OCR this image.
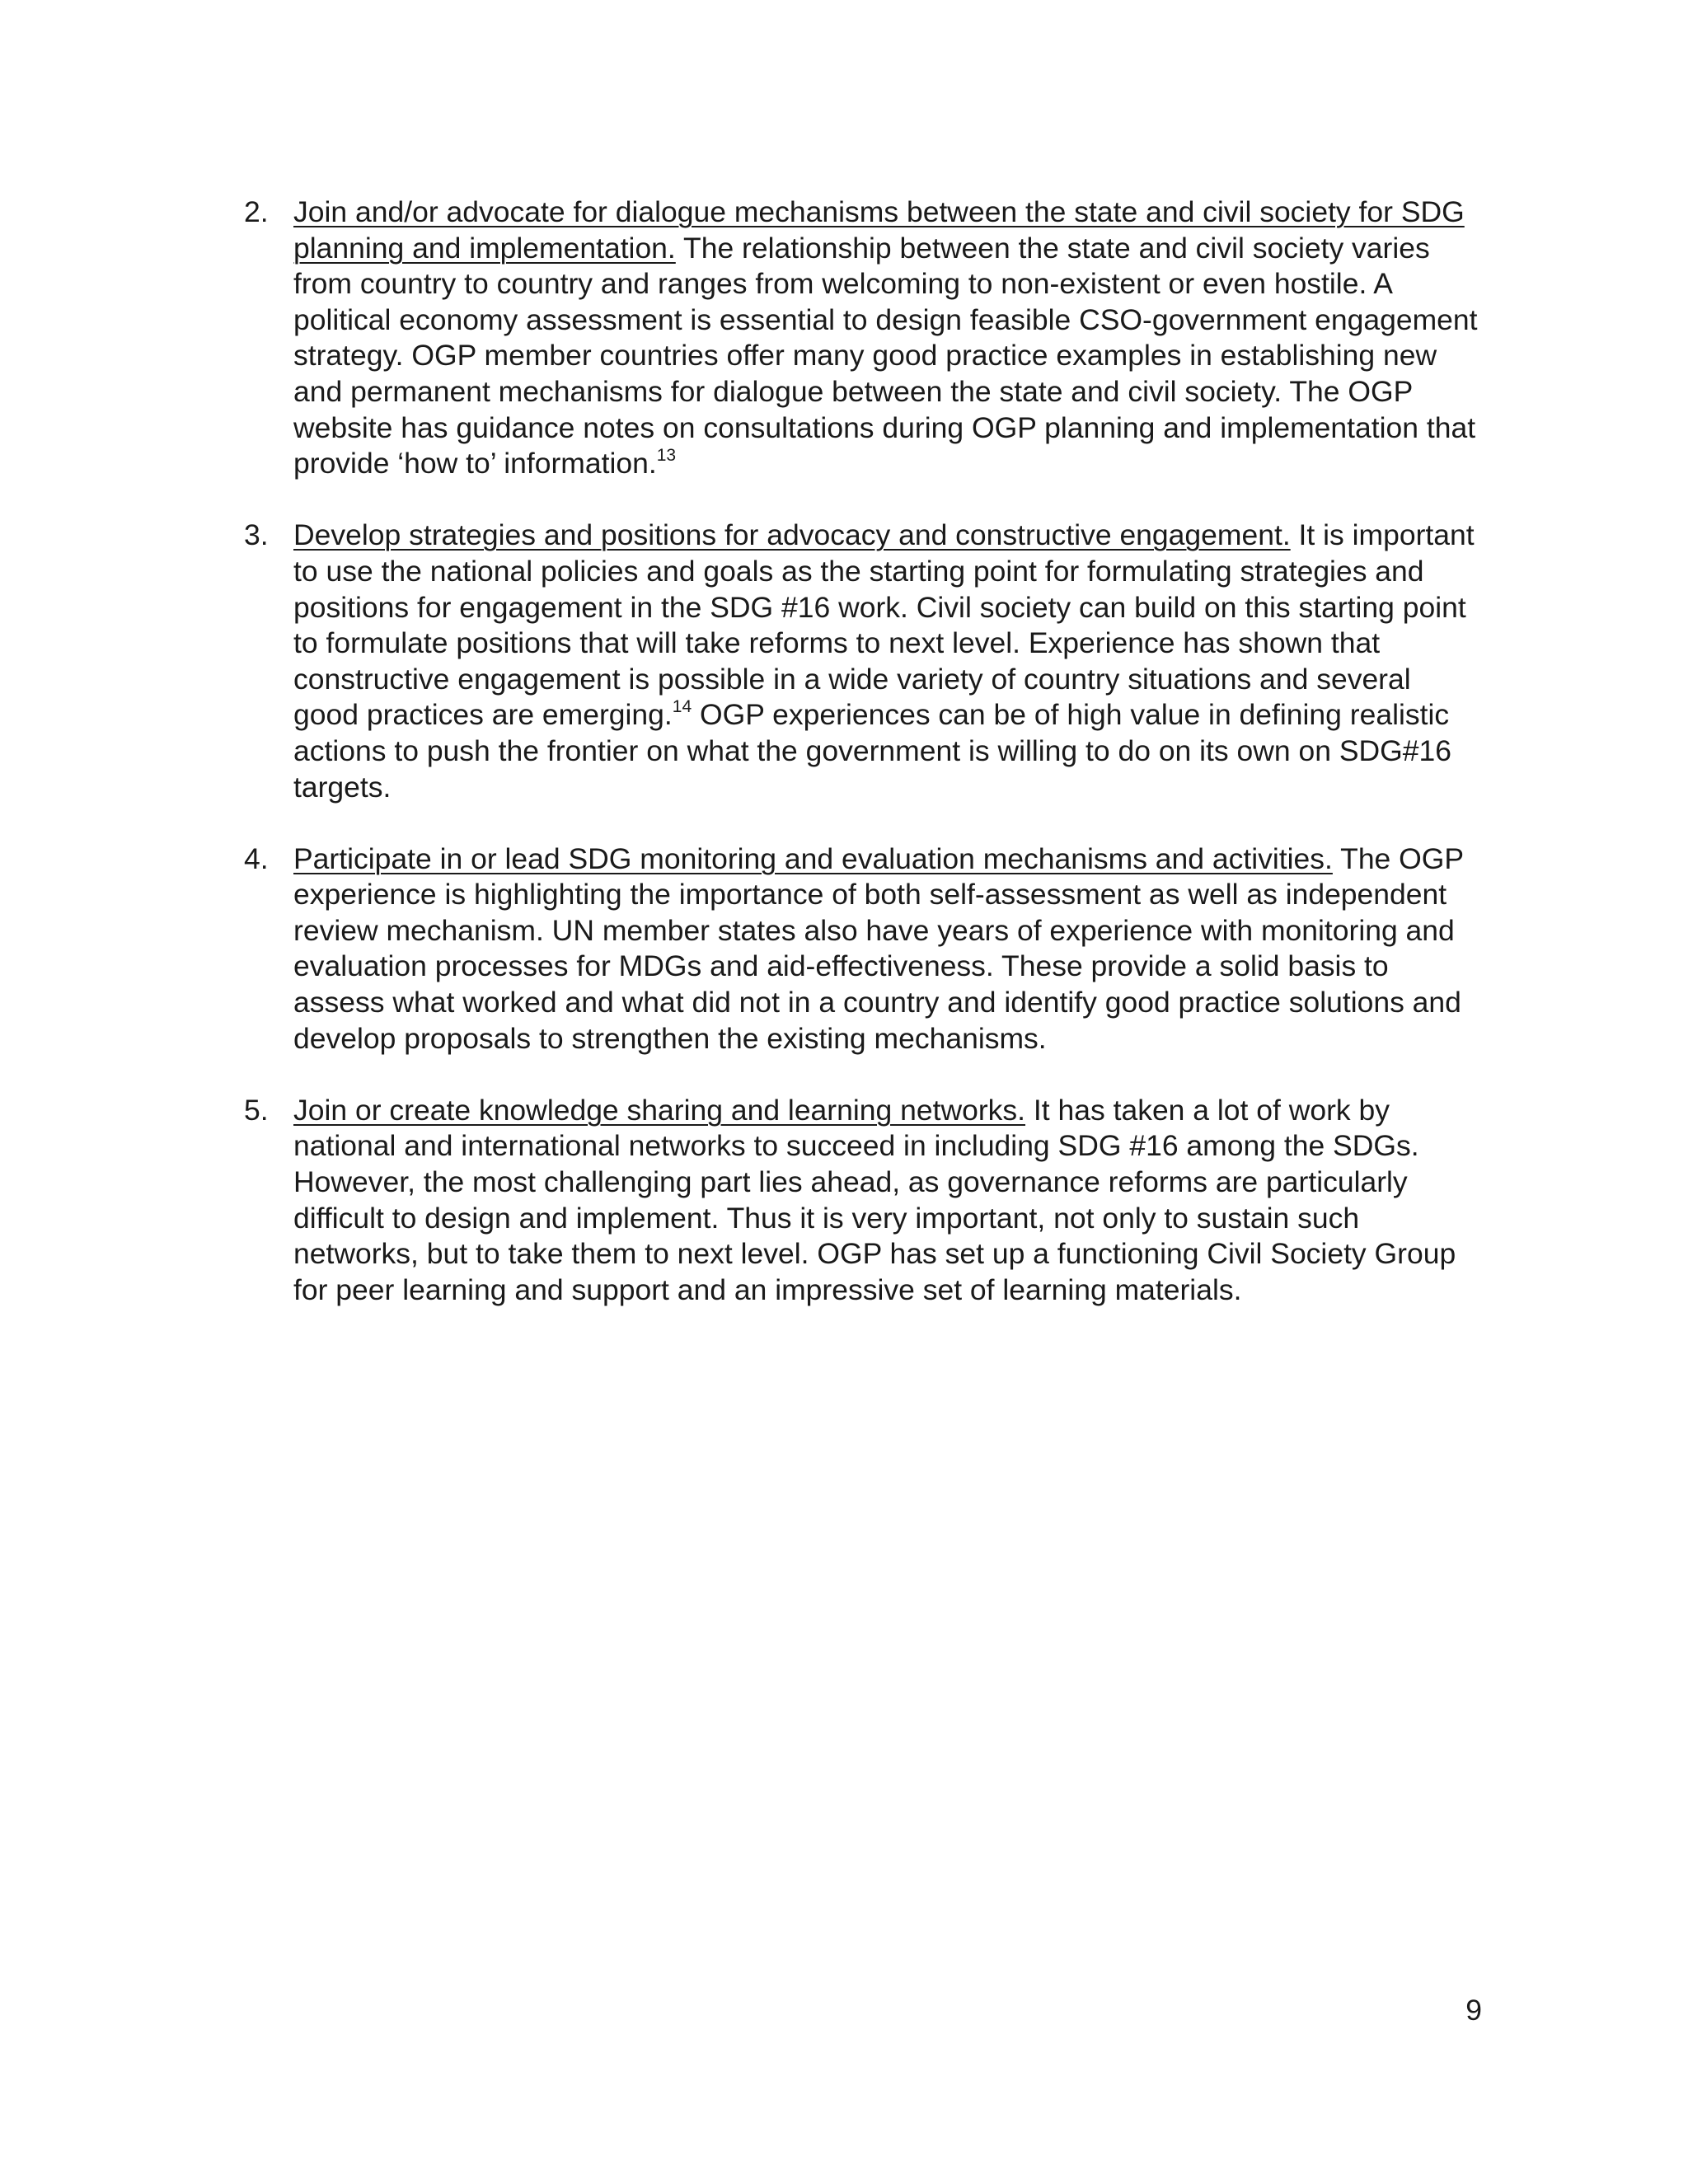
2. Join and/or advocate for dialogue mechanisms between the state and civil society for SDG planning and implementation. The relationship between the state and civil society varies from country to country and ranges from welcoming to non-existent or even hostile. A political economy assessment is essential to design feasible CSO-government engagement strategy. OGP member countries offer many good practice examples in establishing new and permanent mechanisms for dialogue between the state and civil society. The OGP website has guidance notes on consultations during OGP planning and implementation that provide ‘how to’ information.$^{13}$
3. Develop strategies and positions for advocacy and constructive engagement. It is important to use the national policies and goals as the starting point for formulating strategies and positions for engagement in the SDG #16 work. Civil society can build on this starting point to formulate positions that will take reforms to next level. Experience has shown that constructive engagement is possible in a wide variety of country situations and several good practices are emerging.$^{14}$ OGP experiences can be of high value in defining realistic actions to push the frontier on what the government is willing to do on its own on SDG#16 targets.
4. Participate in or lead SDG monitoring and evaluation mechanisms and activities. The OGP experience is highlighting the importance of both self-assessment as well as independent review mechanism. UN member states also have years of experience with monitoring and evaluation processes for MDGs and aid-effectiveness. These provide a solid basis to assess what worked and what did not in a country and identify good practice solutions and develop proposals to strengthen the existing mechanisms.
5. Join or create knowledge sharing and learning networks. It has taken a lot of work by national and international networks to succeed in including SDG #16 among the SDGs. However, the most challenging part lies ahead, as governance reforms are particularly difficult to design and implement. Thus it is very important, not only to sustain such networks, but to take them to next level. OGP has set up a functioning Civil Society Group for peer learning and support and an impressive set of learning materials.
9
